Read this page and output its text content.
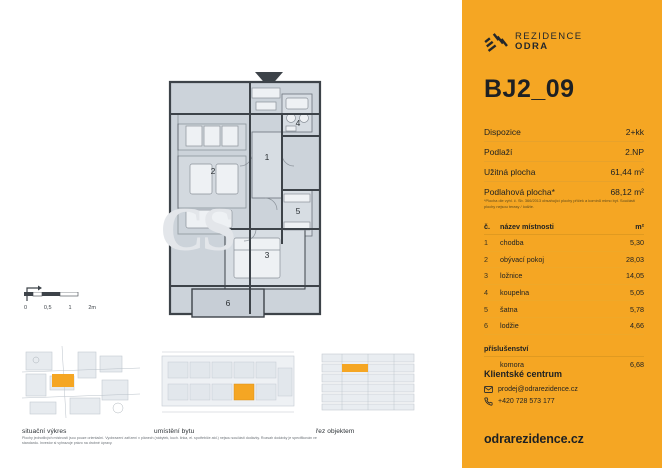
1
2
3
4
5
6
CS
0	0,5	1	2m
situační výkres	umístění bytu	řez objektem
Plochy jednotlivých místností jsou pouze orientační. Vyobrazení zařízení v plánech (nábytek, kuch. linka, el. spotřebiče atd.) nejsou součástí dodávky. Rozsah dodávky je specifikován ve standardu. Investor si vyhrazuje právo na drobné úpravy.
REZIDENCE
ODRA
BJ2_09
Dispozice	2+kk
Podlaží	2.NP
Užitná plocha	61,44 m²
Podlahová plocha*	68,12 m²
*Plocha dle vyhl. č. Sb. 366/2013 obsahující plochy příček a komínů mimo byt. Součástí plochy nejsou terasy / lodžie.
č.	název místnosti	m²
1	chodba	5,30
2	obývací pokoj	28,03
3	ložnice	14,05
4	koupelna	5,05
5	šatna	5,78
6	lodžie	4,66
příslušenství
komora	6,68
Klientské centrum
prodej@odrarezidence.cz
+420 728 573 177
odrarezidence.cz
